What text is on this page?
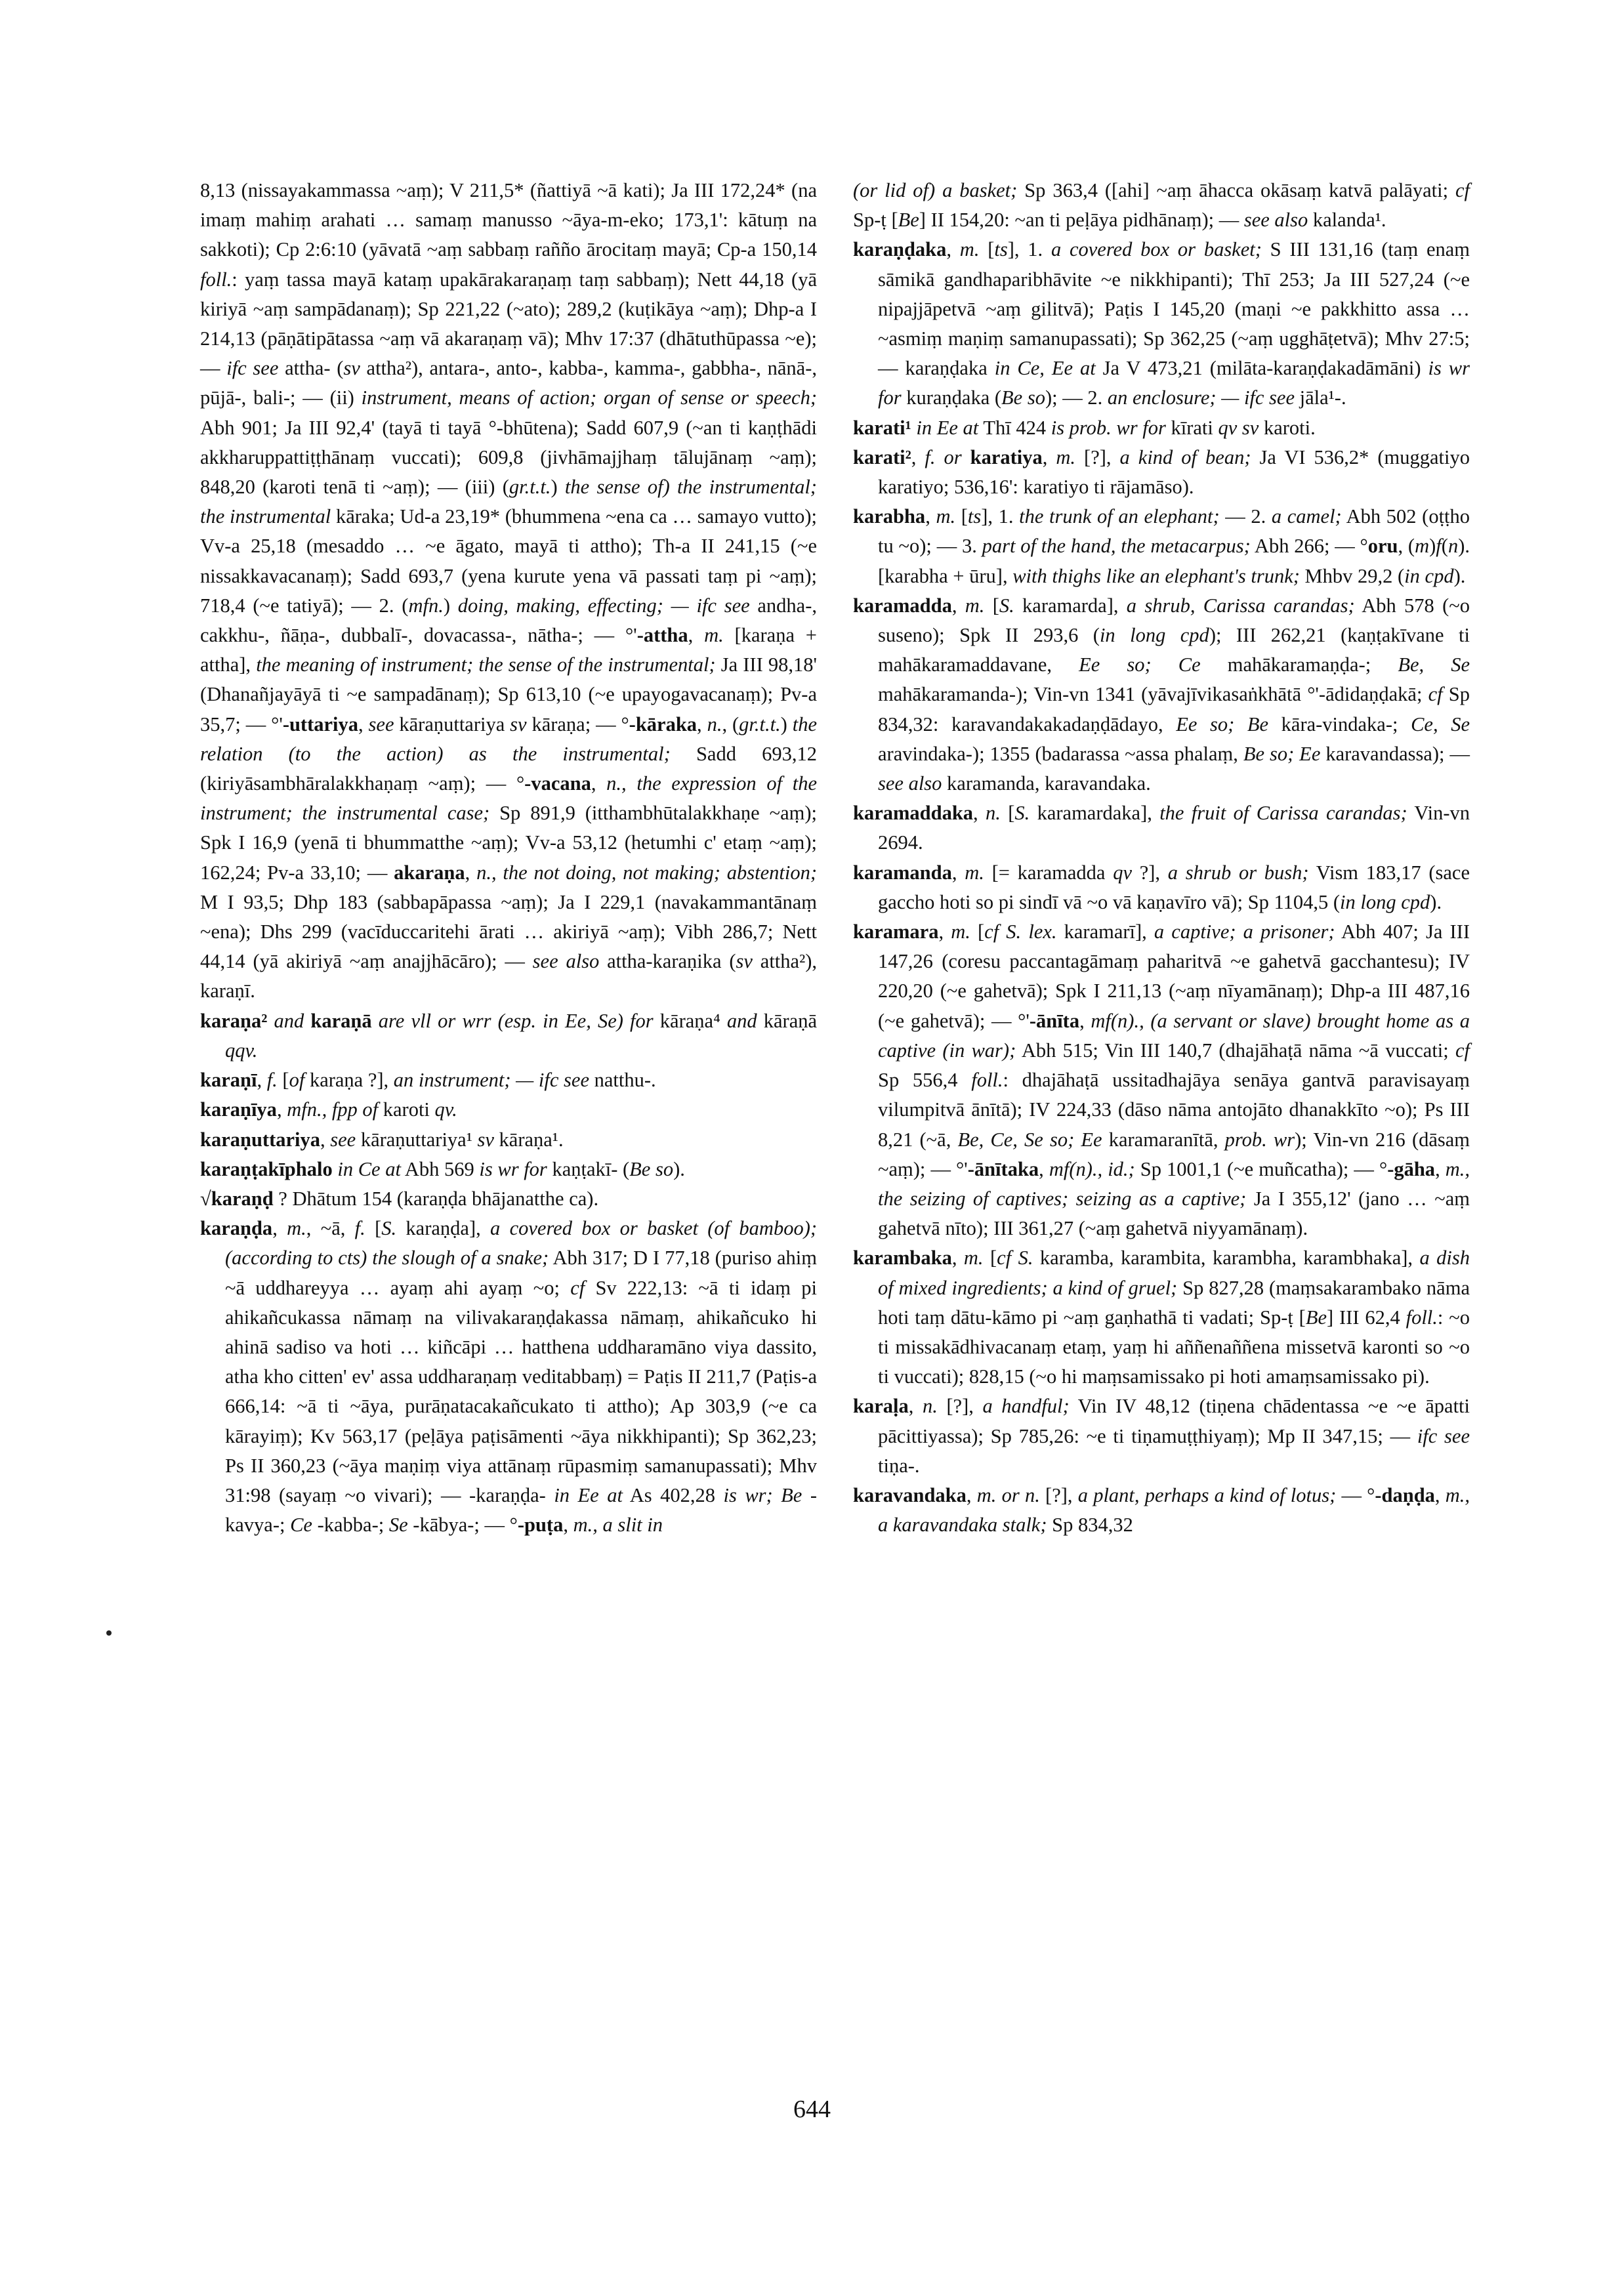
8,13 (nissayakammassa ~aṃ); V 211,5* (ñattiyā ~ā kati); Ja III 172,24* (na imaṃ mahiṃ arahati … samaṃ manusso ~āya-m-eko; 173,1': kātuṃ na sakkoti); Cp 2:6:10 (yāvatā ~aṃ sabbaṃ rañño ārocitaṃ mayā; Cp-a 150,14 foll.: yaṃ tassa mayā kataṃ upakārakaraṇaṃ taṃ sabbaṃ); Nett 44,18 (yā kiriyā ~aṃ sampādanaṃ); Sp 221,22 (~ato); 289,2 (kuṭikāya ~aṃ); Dhp-a I 214,13 (pāṇātipātassa ~aṃ vā akaraṇaṃ vā); Mhv 17:37 (dhātuthūpassa ~e); — ifc see attha- (sv attha²), antara-, anto-, kabba-, kamma-, gabbha-, nānā-, pūjā-, bali-; — (ii) instrument, means of action; organ of sense or speech; Abh 901; Ja III 92,4' (tayā ti tayā °-bhūtena); Sadd 607,9 (~an ti kaṇṭhādi akkharuppattiṭṭhānaṃ vuccati); 609,8 (jivhāmajjhaṃ tālujānaṃ ~aṃ); 848,20 (karoti tenā ti ~aṃ); — (iii) (gr.t.t.) the sense of) the instrumental; the instrumental kāraka; Ud-a 23,19* (bhummena ~ena ca … samayo vutto); Vv-a 25,18 (mesaddo … ~e āgato, mayā ti attho); Th-a II 241,15 (~e nissakkavacanaṃ); Sadd 693,7 (yena kurute yena vā passati taṃ pi ~aṃ); 718,4 (~e tatiyā); — 2. (mfn.) doing, making, effecting; — ifc see andha-, cakkhu-, ñāṇa-, dubbalī-, dovacassa-, nātha-; — °'-attha, m. [karaṇa + attha], the meaning of instrument; the sense of the instrumental; Ja III 98,18' (Dhanañjayāyā ti ~e sampadānaṃ); Sp 613,10 (~e upayogavacanaṃ); Pv-a 35,7; — °'-uttariya, see kāraṇuttariya sv kāraṇa; — °-kāraka, n., (gr.t.t.) the relation (to the action) as the instrumental; Sadd 693,12 (kiriyāsambhāralakkhaṇaṃ ~aṃ); — °-vacana, n., the expression of the instrument; the instrumental case; Sp 891,9 (itthambhūtalakkhaṇe ~aṃ); Spk I 16,9 (yenā ti bhummatthe ~aṃ); Vv-a 53,12 (hetumhi c' etaṃ ~aṃ); 162,24; Pv-a 33,10; — akaraṇa, n., the not doing, not making; abstention; M I 93,5; Dhp 183 (sabbapāpassa ~aṃ); Ja I 229,1 (navakammantānaṃ ~ena); Dhs 299 (vacīduccaritehi ārati … akiriyā ~aṃ); Vibh 286,7; Nett 44,14 (yā akiriyā ~aṃ anajjhācāro); — see also attha-karaṇika (sv attha²), karaṇī.

karaṇa² and karaṇā are vll or wrr (esp. in Ee, Se) for kāraṇa⁴ and kāraṇā qqv.

karaṇī, f. [of karaṇa ?], an instrument; — ifc see natthu-.

karaṇīya, mfn., fpp of karoti qv.

karaṇuttariya, see kāraṇuttariya¹ sv kāraṇa¹.

karaṇṭakīphalo in Ce at Abh 569 is wr for kaṇṭakī- (Be so).

√karaṇḍ ? Dhātum 154 (karaṇḍa bhājanatthe ca).

karaṇḍa, m., ~ā, f. [S. karaṇḍa], a covered box or basket (of bamboo); (according to cts) the slough of a snake; Abh 317; D I 77,18 (puriso ahiṃ ~ā uddhareyya … ayaṃ ahi ayaṃ ~o; cf Sv 222,13: ~ā ti idaṃ pi ahikañcukassa nāmaṃ na vilivakaraṇḍakassa nāmaṃ, ahikañcuko hi ahinā sadiso va hoti … kiñcāpi … hatthena uddharamāno viya dassito, atha kho citten' ev' assa uddharaṇaṃ veditabbaṃ) = Paṭis II 211,7 (Paṭis-a 666,14: ~ā ti ~āya, purāṇatacakañcukato ti attho); Ap 303,9 (~e ca kārayiṃ); Kv 563,17 (peḷāya paṭisāmenti ~āya nikkhipanti); Sp 362,23; Ps II 360,23 (~āya maṇiṃ viya attānaṃ rūpasmiṃ samanupassati); Mhv 31:98 (sayaṃ ~o vivari); — -karaṇḍa- in Ee at As 402,28 is wr; Be -kavya-; Ce -kabba-; Se -kābya-; — °-puṭa, m., a slit in

(or lid of) a basket; Sp 363,4 ([ahi] ~aṃ āhacca okāsaṃ katvā palāyati; cf Sp-ṭ [Be] II 154,20: ~an ti peḷāya pidhānaṃ); — see also kalanda¹.

karaṇḍaka, m. [ts], 1. a covered box or basket; S III 131,16 (taṃ enaṃ sāmikā gandhaparibhāvite ~e nikkhipanti); Thī 253; Ja III 527,24 (~e nipajjāpetvā ~aṃ gilitvā); Paṭis I 145,20 (maṇi ~e pakkhitto assa … ~asmiṃ maṇiṃ samanupassati); Sp 362,25 (~aṃ ugghāṭetvā); Mhv 27:5; — karaṇḍaka in Ce, Ee at Ja V 473,21 (milāta-karaṇḍakadāmāni) is wr for kuraṇḍaka (Be so); — 2. an enclosure; — ifc see jāla¹-.

karati¹ in Ee at Thī 424 is prob. wr for kīrati qv sv karoti.

karati², f. or karatiya, m. [?], a kind of bean; Ja VI 536,2* (muggatiyo karatiyo; 536,16': karatiyo ti rājamāso).

karabha, m. [ts], 1. the trunk of an elephant; — 2. a camel; Abh 502 (oṭṭho tu ~o); — 3. part of the hand, the metacarpus; Abh 266; — °oru, (m)f(n). [karabha + ūru], with thighs like an elephant's trunk; Mhbv 29,2 (in cpd).

karamadda, m. [S. karamarda], a shrub, Carissa carandas; Abh 578 (~o suseno); Spk II 293,6 (in long cpd); III 262,21 (kaṇṭakīvane ti mahākaramaddavane, Ee so; Ce mahākaramaṇḍa-; Be, Se mahākaramanda-); Vin-vn 1341 (yāvajīvikasaṅkhātā °'-ādidaṇḍakā; cf Sp 834,32: karavandakakadaṇḍādayo, Ee so; Be kāra-vindaka-; Ce, Se aravindaka-); 1355 (badarassa ~assa phalaṃ, Be so; Ee karavandassa); — see also karamanda, karavandaka.

karamaddaka, n. [S. karamardaka], the fruit of Carissa carandas; Vin-vn 2694.

karamanda, m. [= karamadda qv ?], a shrub or bush; Vism 183,17 (sace gaccho hoti so pi sindī vā ~o vā kaṇavīro vā); Sp 1104,5 (in long cpd).

karamara, m. [cf S. lex. karamarī], a captive; a prisoner; Abh 407; Ja III 147,26 (coresu paccantagāmaṃ paharitvā ~e gahetvā gacchantesu); IV 220,20 (~e gahetvā); Spk I 211,13 (~aṃ nīyamānaṃ); Dhp-a III 487,16 (~e gahetvā); — °'-ānīta, mf(n)., (a servant or slave) brought home as a captive (in war); Abh 515; Vin III 140,7 (dhajāhaṭā nāma ~ā vuccati; cf Sp 556,4 foll.: dhajāhaṭā ussitadhajāya senāya gantvā paravisayaṃ vilumpitvā ānītā); IV 224,33 (dāso nāma antojāto dhanakkīto ~o); Ps III 8,21 (~ā, Be, Ce, Se so; Ee karamaranītā, prob. wr); Vin-vn 216 (dāsaṃ ~aṃ); — °'-ānītaka, mf(n)., id.; Sp 1001,1 (~e muñcatha); — °-gāha, m., the seizing of captives; seizing as a captive; Ja I 355,12' (jano … ~aṃ gahetvā nīto); III 361,27 (~aṃ gahetvā niyyamānaṃ).

karambaka, m. [cf S. karamba, karambita, karambha, karambhaka], a dish of mixed ingredients; a kind of gruel; Sp 827,28 (maṃsakarambako nāma hoti taṃ dātu-kāmo pi ~aṃ gaṇhathā ti vadati; Sp-ṭ [Be] III 62,4 foll.: ~o ti missakādhivacanaṃ etaṃ, yaṃ hi aññenaññena missetvā karonti so ~o ti vuccati); 828,15 (~o hi maṃsamissako pi hoti amaṃsamissako pi).

karaḷa, n. [?], a handful; Vin IV 48,12 (tiṇena chādentassa ~e ~e āpatti pācittiyassa); Sp 785,26: ~e ti tiṇamuṭṭhiyaṃ); Mp II 347,15; — ifc see tiṇa-.

karavandaka, m. or n. [?], a plant, perhaps a kind of lotus; — °-daṇḍa, m., a karavandaka stalk; Sp 834,32

644
